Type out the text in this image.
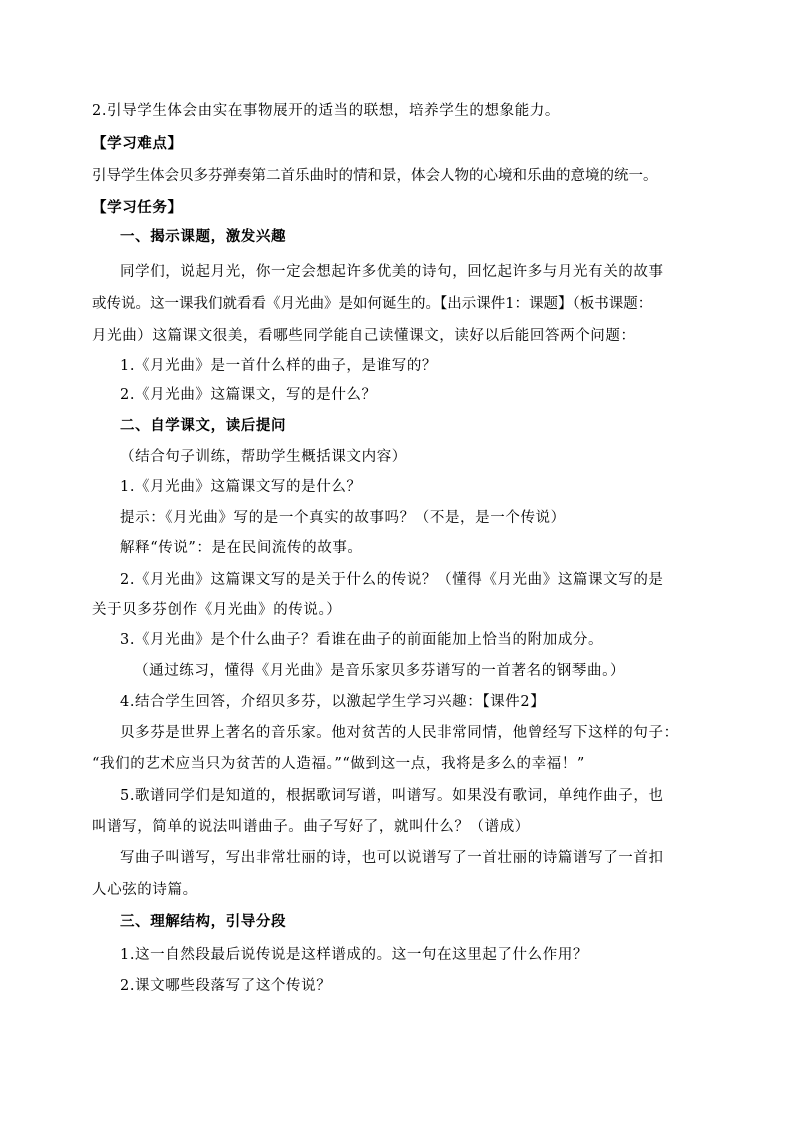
2.引导学生体会由实在事物展开的适当的联想，培养学生的想象能力。
【学习难点】
引导学生体会贝多芬弹奏第二首乐曲时的情和景，体会人物的心境和乐曲的意境的统一。
【学习任务】
一、揭示课题，激发兴趣
同学们，说起月光，你一定会想起许多优美的诗句，回忆起许多与月光有关的故事
或传说。这一课我们就看看《月光曲》是如何诞生的。【出示课件1：课题】（板书课题：
月光曲）这篇课文很美，看哪些同学能自己读懂课文，读好以后能回答两个问题：
1.《月光曲》是一首什么样的曲子，是谁写的？
2.《月光曲》这篇课文，写的是什么？
二、自学课文，读后提问
（结合句子训练，帮助学生概括课文内容）
1.《月光曲》这篇课文写的是什么？
提示：《月光曲》写的是一个真实的故事吗？（不是，是一个传说）
解释“传说”：是在民间流传的故事。
2.《月光曲》这篇课文写的是关于什么的传说？（懂得《月光曲》这篇课文写的是
关于贝多芬创作《月光曲》的传说。）
3.《月光曲》是个什么曲子？看谁在曲子的前面能加上恰当的附加成分。
（通过练习，懂得《月光曲》是音乐家贝多芬谱写的一首著名的钢琴曲。）
4.结合学生回答，介绍贝多芬，以激起学生学习兴趣：【课件2】
贝多芬是世界上著名的音乐家。他对贫苦的人民非常同情，他曾经写下这样的句子：
“我们的艺术应当只为贫苦的人造福。”“做到这一点，我将是多么的幸福！”
5.歌谱同学们是知道的，根据歌词写谱，叫谱写。如果没有歌词，单纯作曲子，也
叫谱写，简单的说法叫谱曲子。曲子写好了，就叫什么？（谱成）
写曲子叫谱写，写出非常壮丽的诗，也可以说谱写了一首壮丽的诗篇谱写了一首扣
人心弦的诗篇。
三、理解结构，引导分段
1.这一自然段最后说传说是这样谱成的。这一句在这里起了什么作用？
2.课文哪些段落写了这个传说？
